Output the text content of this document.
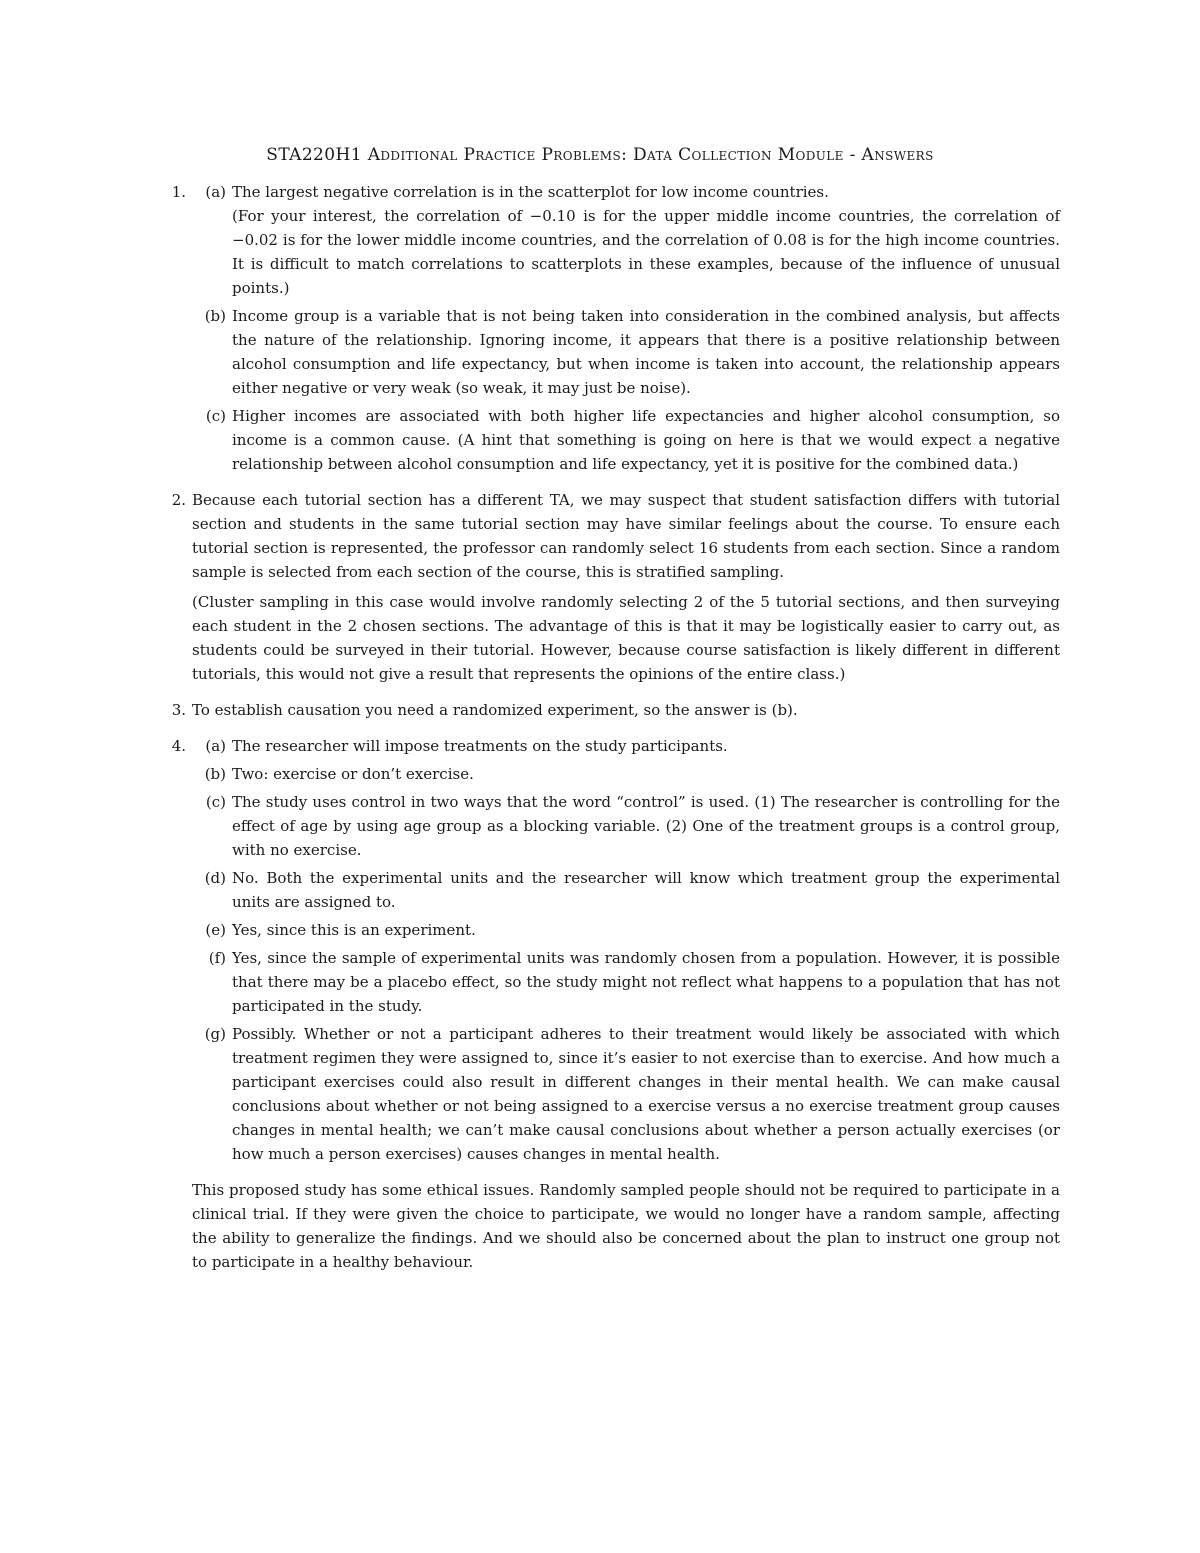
STA220H1 Additional Practice Problems: Data Collection Module - Answers
1.	(a) The largest negative correlation is in the scatterplot for low income countries.
(For your interest, the correlation of −0.10 is for the upper middle income countries, the correlation of −0.02 is for the lower middle income countries, and the correlation of 0.08 is for the high income countries. It is difficult to match correlations to scatterplots in these examples, because of the influence of unusual points.)
(b) Income group is a variable that is not being taken into consideration in the combined analysis, but affects the nature of the relationship. Ignoring income, it appears that there is a positive relationship between alcohol consumption and life expectancy, but when income is taken into account, the relationship appears either negative or very weak (so weak, it may just be noise).
(c) Higher incomes are associated with both higher life expectancies and higher alcohol consumption, so income is a common cause. (A hint that something is going on here is that we would expect a negative relationship between alcohol consumption and life expectancy, yet it is positive for the combined data.)
2. Because each tutorial section has a different TA, we may suspect that student satisfaction differs with tutorial section and students in the same tutorial section may have similar feelings about the course. To ensure each tutorial section is represented, the professor can randomly select 16 students from each section. Since a random sample is selected from each section of the course, this is stratified sampling.

(Cluster sampling in this case would involve randomly selecting 2 of the 5 tutorial sections, and then surveying each student in the 2 chosen sections. The advantage of this is that it may be logistically easier to carry out, as students could be surveyed in their tutorial. However, because course satisfaction is likely different in different tutorials, this would not give a result that represents the opinions of the entire class.)

3. To establish causation you need a randomized experiment, so the answer is (b).

4.	(a) The researcher will impose treatments on the study participants.
(b) Two: exercise or don’t exercise.
(c) The study uses control in two ways that the word “control” is used. (1) The researcher is controlling for the effect of age by using age group as a blocking variable. (2) One of the treatment groups is a control group, with no exercise.
(d) No. Both the experimental units and the researcher will know which treatment group the experimental units are assigned to.
(e) Yes, since this is an experiment.
(f) Yes, since the sample of experimental units was randomly chosen from a population. However, it is possible that there may be a placebo effect, so the study might not reflect what happens to a population that has not participated in the study.
(g) Possibly. Whether or not a participant adheres to their treatment would likely be associated with which treatment regimen they were assigned to, since it’s easier to not exercise than to exercise. And how much a participant exercises could also result in different changes in their mental health. We can make causal conclusions about whether or not being assigned to a exercise versus a no exercise treatment group causes changes in mental health; we can’t make causal conclusions about whether a person actually exercises (or how much a person exercises) causes changes in mental health.
This proposed study has some ethical issues. Randomly sampled people should not be required to participate in a clinical trial. If they were given the choice to participate, we would no longer have a random sample, affecting the ability to generalize the findings. And we should also be concerned about the plan to instruct one group not to participate in a healthy behaviour.
